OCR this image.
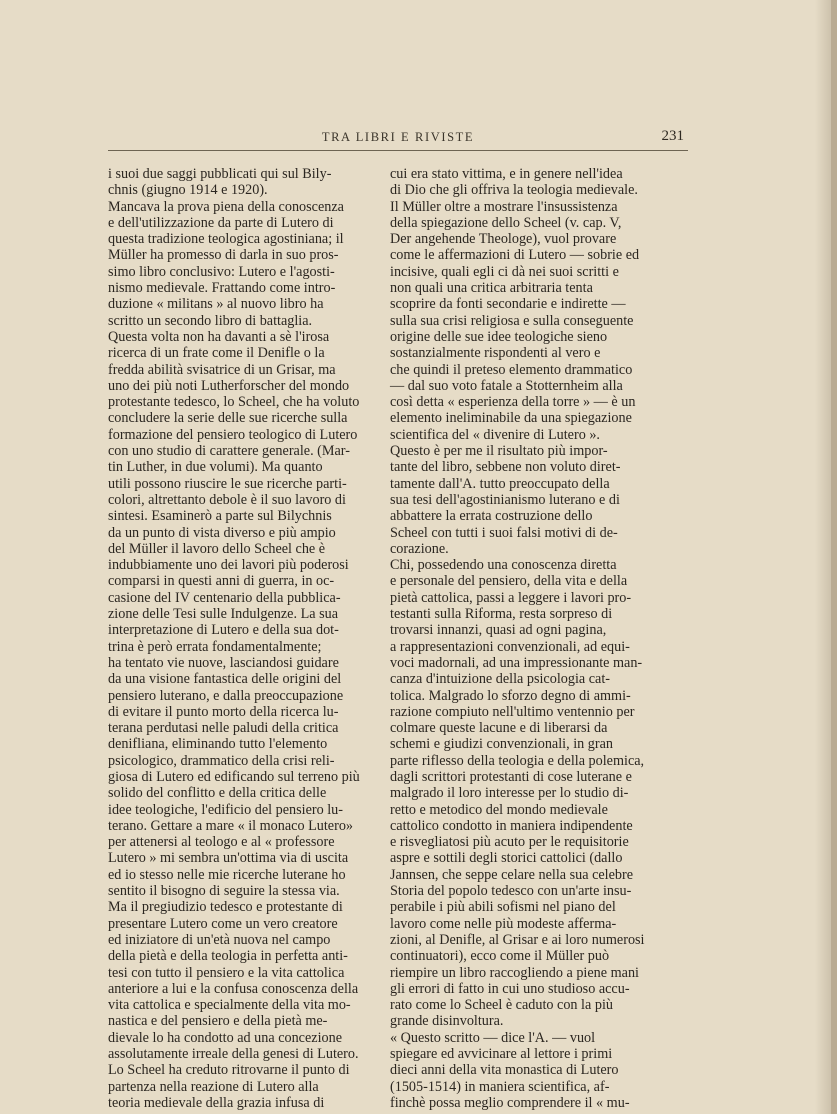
TRA LIBRI E RIVISTE	231
i suoi due saggi pubblicati qui sul Bily-
chnis (giugno 1914 e 1920).
Mancava la prova piena della conoscenza
e dell'utilizzazione da parte di Lutero di
questa tradizione teologica agostiniana; il
Müller ha promesso di darla in suo pros-
simo libro conclusivo: Lutero e l'agosti-
nismo medievale. Frattando come intro-
duzione « militans » al nuovo libro ha
scritto un secondo libro di battaglia.
Questa volta non ha davanti a sè l'irosa
ricerca di un frate come il Denifle o la
fredda abilità svisatrice di un Grisar, ma
uno dei più noti Lutherforscher del mondo
protestante tedesco, lo Scheel, che ha voluto
concludere la serie delle sue ricerche sulla
formazione del pensiero teologico di Lutero
con uno studio di carattere generale. (Mar-
tin Luther, in due volumi). Ma quanto
utili possono riuscire le sue ricerche parti-
colori, altrettanto debole è il suo lavoro di
sintesi. Esaminerò a parte sul Bilychnis
da un punto di vista diverso e più ampio
del Müller il lavoro dello Scheel che è
indubbiamente uno dei lavori più poderosi
comparsi in questi anni di guerra, in oc-
casione del IV centenario della pubblica-
zione delle Tesi sulle Indulgenze. La sua
interpretazione di Lutero e della sua dot-
trina è però errata fondamentalmente;
ha tentato vie nuove, lasciandosi guidare
da una visione fantastica delle origini del
pensiero luterano, e dalla preoccupazione
di evitare il punto morto della ricerca lu-
terana perdutasi nelle paludi della critica
denifliana, eliminando tutto l'elemento
psicologico, drammatico della crisi reli-
giosa di Lutero ed edificando sul terreno più
solido del conflitto e della critica delle
idee teologiche, l'edificio del pensiero lu-
terano. Gettare a mare « il monaco Lutero»
per attenersi al teologo e al « professore
Lutero » mi sembra un'ottima via di uscita
ed io stesso nelle mie ricerche luterane ho
sentito il bisogno di seguire la stessa via.
Ma il pregiudizio tedesco e protestante di
presentare Lutero come un vero creatore
ed iniziatore di un'età nuova nel campo
della pietà e della teologia in perfetta anti-
tesi con tutto il pensiero e la vita cattolica
anteriore a lui e la confusa conoscenza della
vita cattolica e specialmente della vita mo-
nastica e del pensiero e della pietà me-
dievale lo ha condotto ad una concezione
assolutamente irreale della genesi di Lutero.
Lo Scheel ha creduto ritrovarne il punto di
partenza nella reazione di Lutero alla
teoria medievale della grazia infusa di
cui era stato vittima, e in genere nell'idea
di Dio che gli offriva la teologia medievale.
Il Müller oltre a mostrare l'insussistenza
della spiegazione dello Scheel (v. cap. V,
Der angehende Theologe), vuol provare
come le affermazioni di Lutero — sobrie ed
incisive, quali egli ci dà nei suoi scritti e
non quali una critica arbitraria tenta
scoprire da fonti secondarie e indirette —
sulla sua crisi religiosa e sulla conseguente
origine delle sue idee teologiche sieno
sostanzialmente rispondenti al vero e
che quindi il preteso elemento drammatico
— dal suo voto fatale a Stotternheim alla
così detta « esperienza della torre » — è un
elemento ineliminabile da una spiegazione
scientifica del « divenire di Lutero ».
Questo è per me il risultato più impor-
tante del libro, sebbene non voluto diret-
tamente dall'A. tutto preoccupato della
sua tesi dell'agostinianismo luterano e di
abbattere la errata costruzione dello
Scheel con tutti i suoi falsi motivi di de-
corazione.
Chi, possedendo una conoscenza diretta
e personale del pensiero, della vita e della
pietà cattolica, passi a leggere i lavori pro-
testanti sulla Riforma, resta sorpreso di
trovarsi innanzi, quasi ad ogni pagina,
a rappresentazioni convenzionali, ad equi-
voci madornali, ad una impressionante man-
canza d'intuizione della psicologia cat-
tolica. Malgrado lo sforzo degno di ammi-
razione compiuto nell'ultimo ventennio per
colmare queste lacune e di liberarsi da
schemi e giudizi convenzionali, in gran
parte riflesso della teologia e della polemica,
dagli scrittori protestanti di cose luterane e
malgrado il loro interesse per lo studio di-
retto e metodico del mondo medievale
cattolico condotto in maniera indipendente
e risvegliatosi più acuto per le requisitorie
aspre e sottili degli storici cattolici (dallo
Jannsen, che seppe celare nella sua celebre
Storia del popolo tedesco con un'arte insu-
perabile i più abili sofismi nel piano del
lavoro come nelle più modeste afferma-
zioni, al Denifle, al Grisar e ai loro numerosi
continuatori), ecco come il Müller può
riempire un libro raccogliendo a piene mani
gli errori di fatto in cui uno studioso accu-
rato come lo Scheel è caduto con la più
grande disinvoltura.
« Questo scritto — dice l'A. — vuol
spiegare ed avvicinare al lettore i primi
dieci anni della vita monastica di Lutero
(1505-1514) in maniera scientifica, af-
finchè possa meglio comprendere il « mu-
